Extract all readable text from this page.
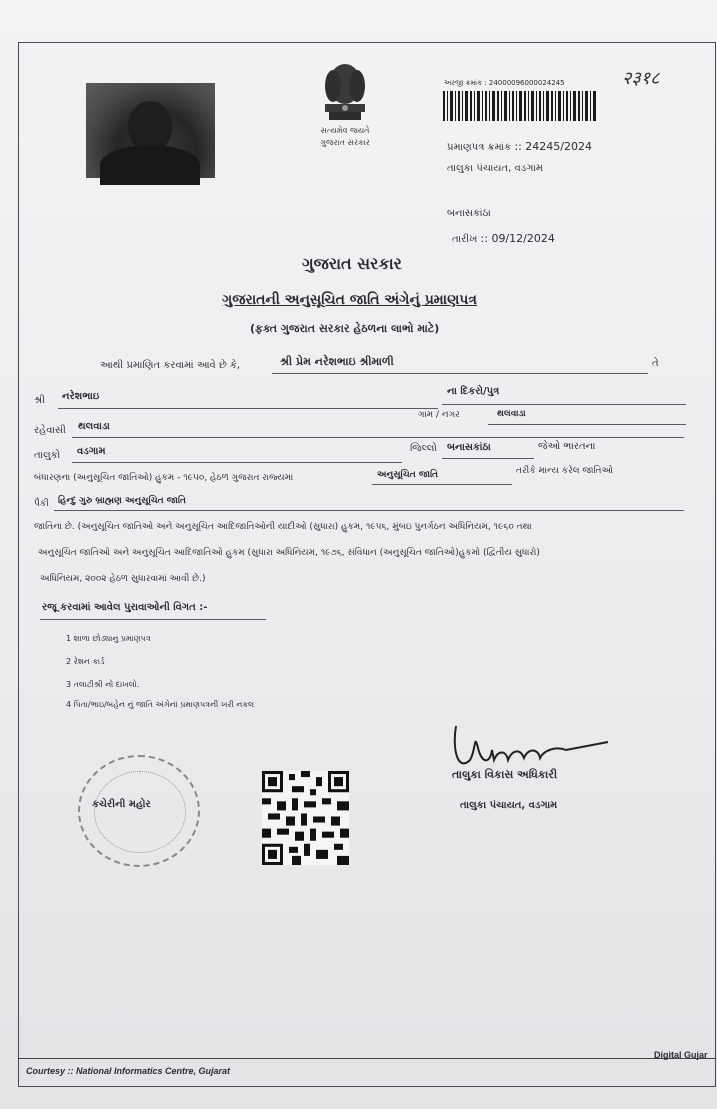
સત્યમેવ જયતે
ગુજરાત સરકાર
અરજી ક્રમાંક : 24000096000024245	२३१८
પ્રમાણપત્ર ક્રમાંક :: 24245/2024
તાલુકા પંચાયત, વડગામ
બનાસકાંઠા
તારીખ :: 09/12/2024
ગુજરાત સરકાર
ગુજરાતની અનુસૂચિત જાતિ અંગેનું પ્રમાણપત્ર
(ફક્ત ગુજરાત સરકાર હેઠળના લાભો માટે)
આથી પ્રમાણિત કરવામાં આવે છે કે,	શ્રી પ્રેમ નરેશભાઇ શ્રીમાળી	તે
શ્રી નરેશભાઇ	ના દિકરો/પુત્ર
ગામ / નગર	થલવાડા
રહેવાસી થલવાડા
તાલુકો વડગામ	જિલ્લો બનાસકાંઠા	જેઓ ભારતના
બંધારણના (અનુસૂચિત જાતિઓ) હુકમ - ૧૯૫૦, હેઠળ ગુજરાત રાજ્યમાં	અનુસૂચિત જાતિ	તરીકે માન્ય કરેલ જાતિઓ
પૈકી હિન્દુ ગુરુ બ્રાહ્મણ અનુસૂચિત જાતિ
જાતિના છે. (અનુસૂચિત જાતિઓ અને અનુસૂચિત આદિજાતિઓની યાદીઓ (સુધારા) હુકમ, ૧૯૫૬, મુંબઇ પુનર્ગઠન અધિનિયમ, ૧૯૬૦ તથા
અનુસૂચિત જાતિઓ અને અનુસૂચિત આદિજાતિઓ હુકમ (સુધારા અધિનિયમ, ૧૯૭૬, સંવિધાન (અનુસૂચિત જાતિઓ)હુકમો (દ્વિતીય સુધારો)
અધિનિયમ, ૨૦૦૨ હેઠળ સુધારવામાં આવી છે.)
રજૂ કરવામાં આવેલ પુરાવાઓની વિગત :-
1 શાળા છોડ્યાનુ પ્રમાણપત્ર
2 રેશન કાર્ડ
3 તલાટીશ્રી નો દાખલો.
4 પિતા/ભાઇ/બહેન નું જાતિ અંગેનાં પ્રમાણપત્રની ખરી નકલ
કચેરીની મહોર
તાલુકા વિકાસ અધિકારી
તાલુકા પંચાયત, વડગામ
Courtesy :: National Informatics Centre, Gujarat
Digital Gujar
